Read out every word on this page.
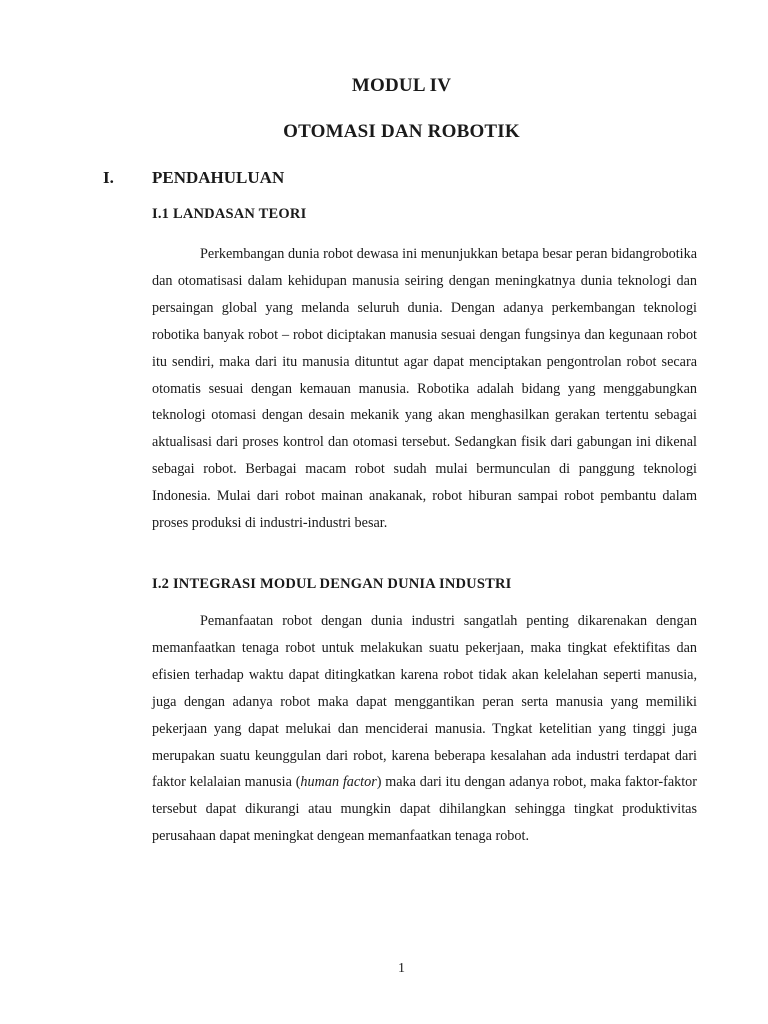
MODUL IV
OTOMASI DAN ROBOTIK
I. PENDAHULUAN
I.1 LANDASAN TEORI

Perkembangan dunia robot dewasa ini menunjukkan betapa besar peran bidangrobotika dan otomatisasi dalam kehidupan manusia seiring dengan meningkatnya dunia teknologi dan persaingan global yang melanda seluruh dunia. Dengan adanya perkembangan teknologi robotika banyak robot – robot diciptakan manusia sesuai dengan fungsinya dan kegunaan robot itu sendiri, maka dari itu manusia dituntut agar dapat menciptakan pengontrolan robot secara otomatis sesuai dengan kemauan manusia. Robotika adalah bidang yang menggabungkan teknologi otomasi dengan desain mekanik yang akan menghasilkan gerakan tertentu sebagai aktualisasi dari proses kontrol dan otomasi tersebut. Sedangkan fisik dari gabungan ini dikenal sebagai robot. Berbagai macam robot sudah mulai bermunculan di panggung teknologi Indonesia. Mulai dari robot mainan anakanak, robot hiburan sampai robot pembantu dalam proses produksi di industri-industri besar.

I.2 INTEGRASI MODUL DENGAN DUNIA INDUSTRI

Pemanfaatan robot dengan dunia industri sangatlah penting dikarenakan dengan memanfaatkan tenaga robot untuk melakukan suatu pekerjaan, maka tingkat efektifitas dan efisien terhadap waktu dapat ditingkatkan karena robot tidak akan kelelahan seperti manusia, juga dengan adanya robot maka dapat menggantikan peran serta manusia yang memiliki pekerjaan yang dapat melukai dan menciderai manusia. Tngkat ketelitian yang tinggi juga merupakan suatu keunggulan dari robot, karena beberapa kesalahan ada industri terdapat dari faktor kelalaian manusia (human factor) maka dari itu dengan adanya robot, maka faktor-faktor tersebut dapat dikurangi atau mungkin dapat dihilangkan sehingga tingkat produktivitas perusahaan dapat meningkat dengean memanfaatkan tenaga robot.

1
